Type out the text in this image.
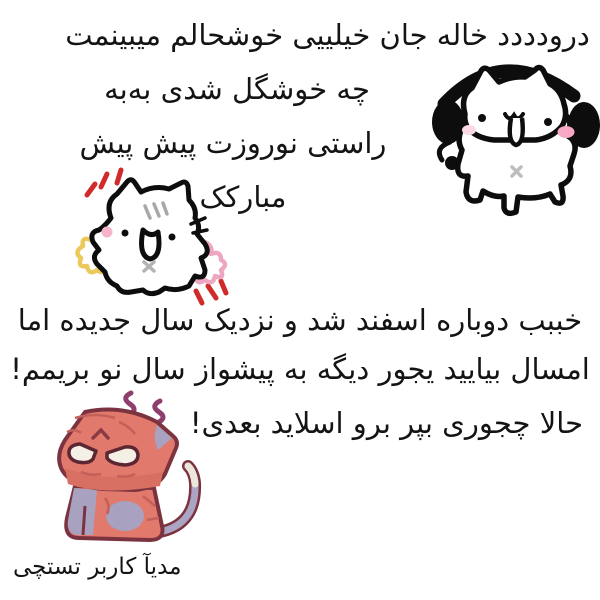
درودددد خاله جان خیلییی خوشحالم میبینمت
چه خوشگل شدی به‌به
راستی نوروزت پیش پیش
مبارکک
خببب دوباره اسفند شد و نزدیک سال جدیده اما
امسال بیایید یجور دیگه به پیشواز سال نو بریمم!
حالا چجوری بپر برو اسلاید بعدی!
مدیآ کاربر تستچی
